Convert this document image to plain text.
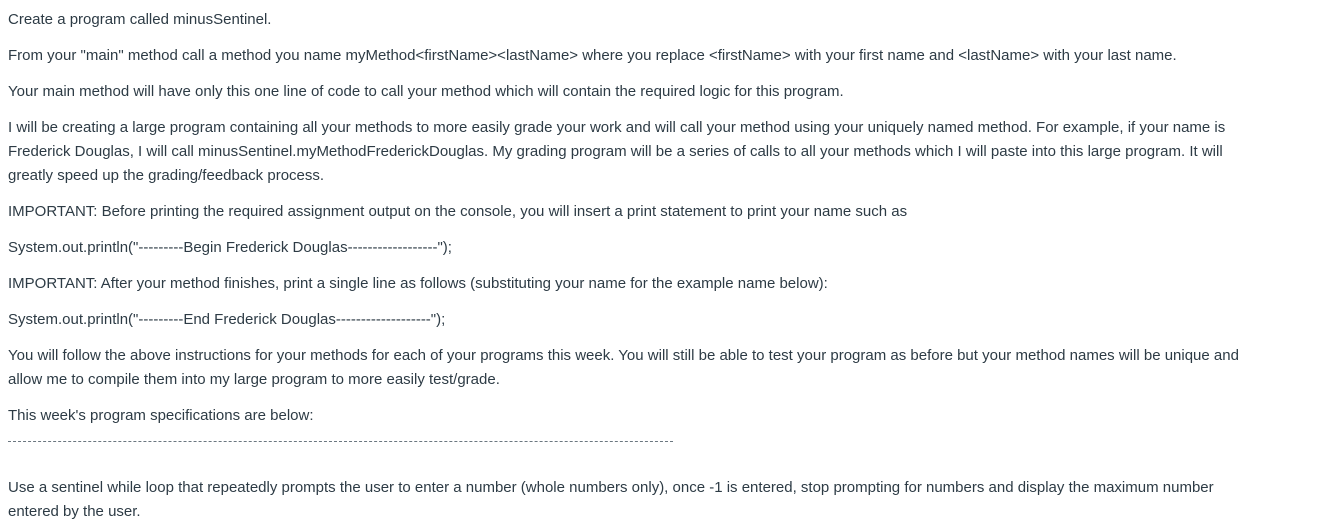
Create a program called minusSentinel.

From your "main" method call a method you name myMethod<firstName><lastName> where you replace <firstName> with your first name and <lastName> with your last name.

Your main method will have only this one line of code to call your method which will contain the required logic for this program.

I will be creating a large program containing all your methods to more easily grade your work and will call your method using your uniquely named method. For example, if your name is
Frederick Douglas, I will call minusSentinel.myMethodFrederickDouglas. My grading program will be a series of calls to all your methods which I will paste into this large program. It will
greatly speed up the grading/feedback process.

IMPORTANT: Before printing the required assignment output on the console, you will insert a print statement to print your name such as

System.out.println("---------Begin Frederick Douglas------------------");

IMPORTANT: After your method finishes, print a single line as follows (substituting your name for the example name below):

System.out.println("---------End Frederick Douglas-------------------");

You will follow the above instructions for your methods for each of your programs this week. You will still be able to test your program as before but your method names will be unique and
allow me to compile them into my large program to more easily test/grade.

This week's program specifications are below:

Use a sentinel while loop that repeatedly prompts the user to enter a number (whole numbers only), once -1 is entered, stop prompting for numbers and display the maximum number
entered by the user.
